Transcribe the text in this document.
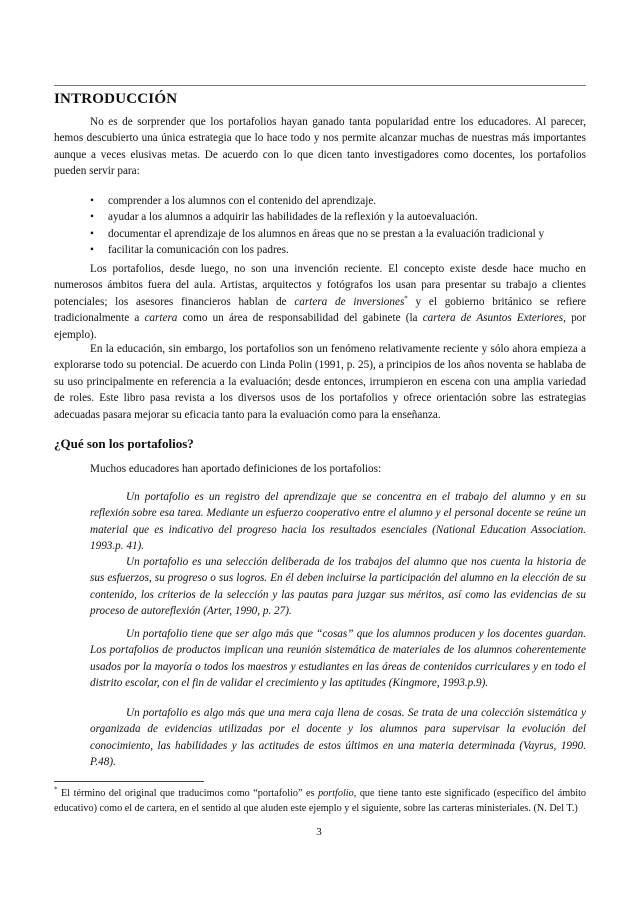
INTRODUCCIÓN

No es de sorprender que los portafolios hayan ganado tanta popularidad entre los educadores. Al parecer, hemos descubierto una única estrategia que lo hace todo y nos permite alcanzar muchas de nuestras más importantes aunque a veces elusivas metas. De acuerdo con lo que dicen tanto investigadores como docentes, los portafolios pueden servir para:

• comprender a los alumnos con el contenido del aprendizaje.
• ayudar a los alumnos a adquirir las habilidades de la reflexión y la autoevaluación.
• documentar el aprendizaje de los alumnos en áreas que no se prestan a la evaluación tradicional y
• facilitar la comunicación con los padres.

Los portafolios, desde luego, no son una invención reciente. El concepto existe desde hace mucho en numerosos ámbitos fuera del aula. Artistas, arquitectos y fotógrafos los usan para presentar su trabajo a clientes potenciales; los asesores financieros hablan de cartera de inversiones* y el gobierno británico se refiere tradicionalmente a cartera como un área de responsabilidad del gabinete (la cartera de Asuntos Exteriores, por ejemplo).

En la educación, sin embargo, los portafolios son un fenómeno relativamente reciente y sólo ahora empieza a explorarse todo su potencial. De acuerdo con Linda Polin (1991, p. 25), a principios de los años noventa se hablaba de su uso principalmente en referencia a la evaluación; desde entonces, irrumpieron en escena con una amplia variedad de roles. Este libro pasa revista a los diversos usos de los portafolios y ofrece orientación sobre las estrategias adecuadas pasara mejorar su eficacia tanto para la evaluación como para la enseñanza.

¿Qué son los portafolios?

Muchos educadores han aportado definiciones de los portafolios:

Un portafolio es un registro del aprendizaje que se concentra en el trabajo del alumno y en su reflexión sobre esa tarea. Mediante un esfuerzo cooperativo entre el alumno y el personal docente se reúne un material que es indicativo del progreso hacia los resultados esenciales (National Education Association. 1993.p. 41).

Un portafolio es una selección deliberada de los trabajos del alumno que nos cuenta la historia de sus esfuerzos, su progreso o sus logros. En él deben incluirse la participación del alumno en la elección de su contenido, los criterios de la selección y las pautas para juzgar sus méritos, así como las evidencias de su proceso de autoreflexión (Arter, 1990, p. 27).

Un portafolio tiene que ser algo más que “cosas” que los alumnos producen y los docentes guardan. Los portafolios de productos implican una reunión sistemática de materiales de los alumnos coherentemente usados por la mayoría o todos los maestros y estudiantes en las áreas de contenidos curriculares y en todo el distrito escolar, con el fin de validar el crecimiento y las aptitudes (Kingmore, 1993.p.9).

Un portafolio es algo más que una mera caja llena de cosas. Se trata de una colección sistemática y organizada de evidencias utilizadas por el docente y los alumnos para supervisar la evolución del conocimiento, las habilidades y las actitudes de estos últimos en una materia determinada (Vayrus, 1990. P.48).

* El término del original que traducimos como “portafolio” es portfolio, que tiene tanto este significado (específico del ámbito educativo) como el de cartera, en el sentido al que aluden este ejemplo y el siguiente, sobre las carteras ministeriales. (N. Del T.)

3
